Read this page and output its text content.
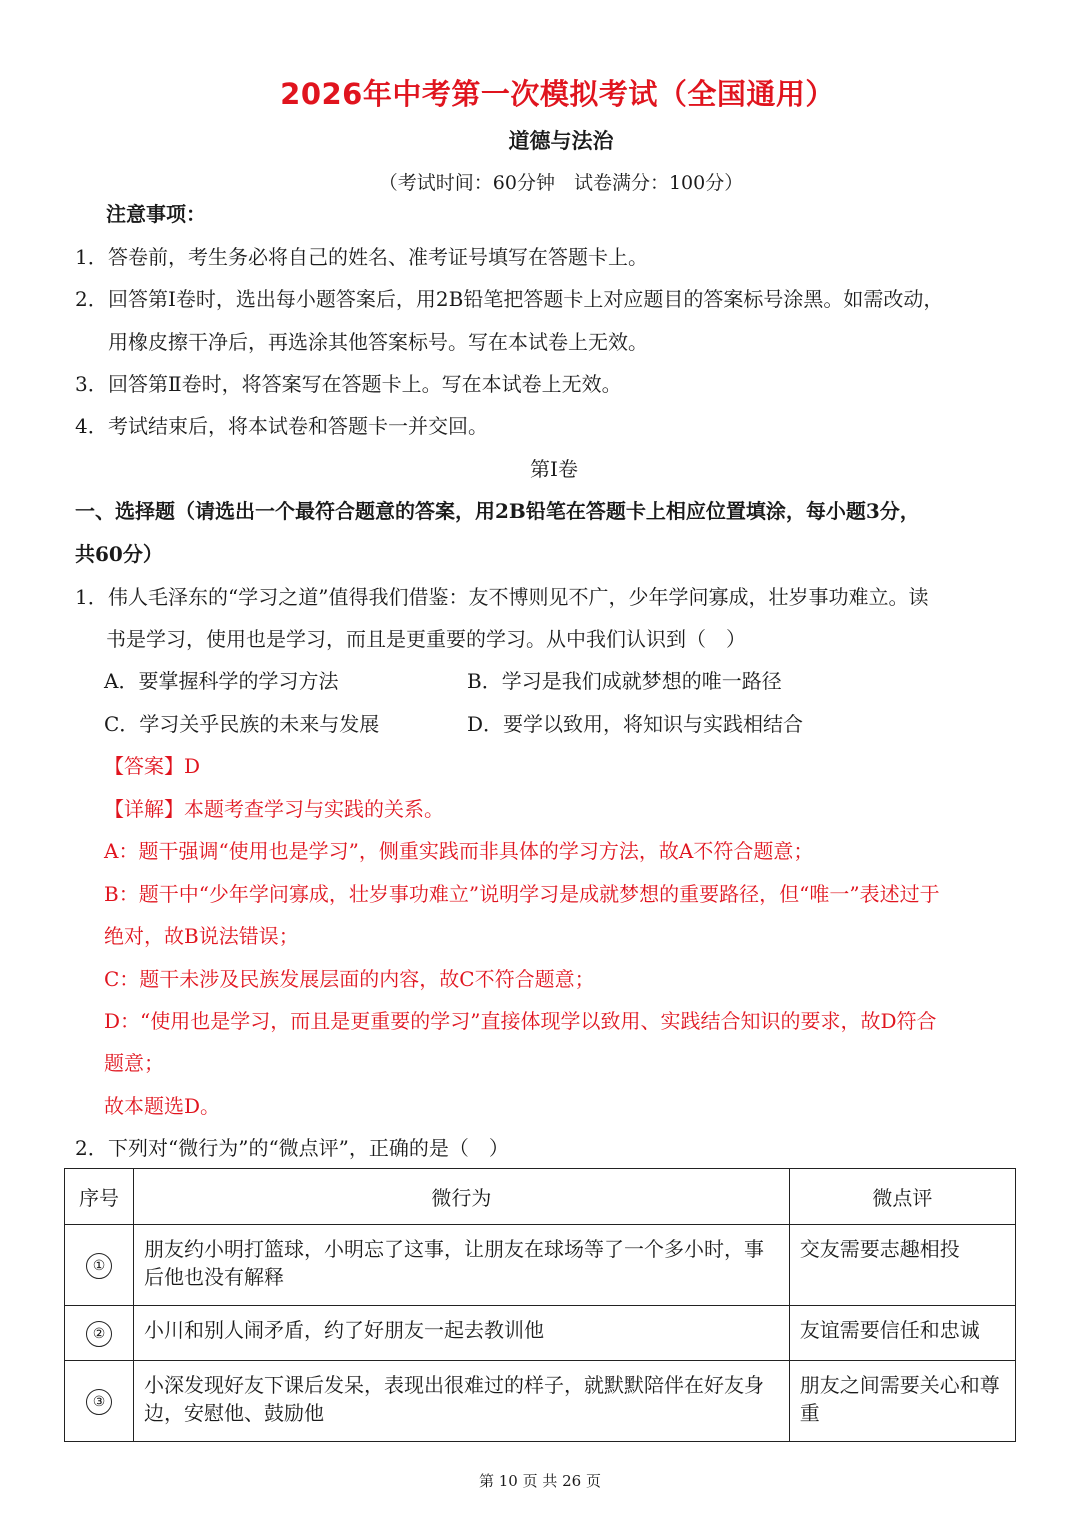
2026年中考第一次模拟考试（全国通用）
道德与法治
（考试时间：60分钟　试卷满分：100分）
注意事项：
1．答卷前，考生务必将自己的姓名、准考证号填写在答题卡上。
2．回答第Ⅰ卷时，选出每小题答案后，用2B铅笔把答题卡上对应题目的答案标号涂黑。如需改动，
用橡皮擦干净后，再选涂其他答案标号。写在本试卷上无效。
3．回答第Ⅱ卷时，将答案写在答题卡上。写在本试卷上无效。
4．考试结束后，将本试卷和答题卡一并交回。
第Ⅰ卷
一、选择题（请选出一个最符合题意的答案，用2B铅笔在答题卡上相应位置填涂，每小题3分，
共60分）
1．伟人毛泽东的“学习之道”值得我们借鉴：友不博则见不广，少年学问寡成，壮岁事功难立。读
书是学习，使用也是学习，而且是更重要的学习。从中我们认识到（　）
A．要掌握科学的学习方法	B．学习是我们成就梦想的唯一路径
C．学习关乎民族的未来与发展	D．要学以致用，将知识与实践相结合
【答案】D
【详解】本题考查学习与实践的关系。
A：题干强调“使用也是学习”，侧重实践而非具体的学习方法，故A不符合题意；
B：题干中“少年学问寡成，壮岁事功难立”说明学习是成就梦想的重要路径，但“唯一”表述过于
绝对，故B说法错误；
C：题干未涉及民族发展层面的内容，故C不符合题意；
D：“使用也是学习，而且是更重要的学习”直接体现学以致用、实践结合知识的要求，故D符合
题意；
故本题选D。
2．下列对“微行为”的“微点评”，正确的是（　）
序号	微行为	微点评
①	朋友约小明打篮球，小明忘了这事，让朋友在球场等了一个多小时，事后他也没有解释	交友需要志趣相投
②	小川和别人闹矛盾，约了好朋友一起去教训他	友谊需要信任和忠诚
③	小深发现好友下课后发呆，表现出很难过的样子，就默默陪伴在好友身边，安慰他、鼓励他	朋友之间需要关心和尊重
第 10 页 共 26 页
